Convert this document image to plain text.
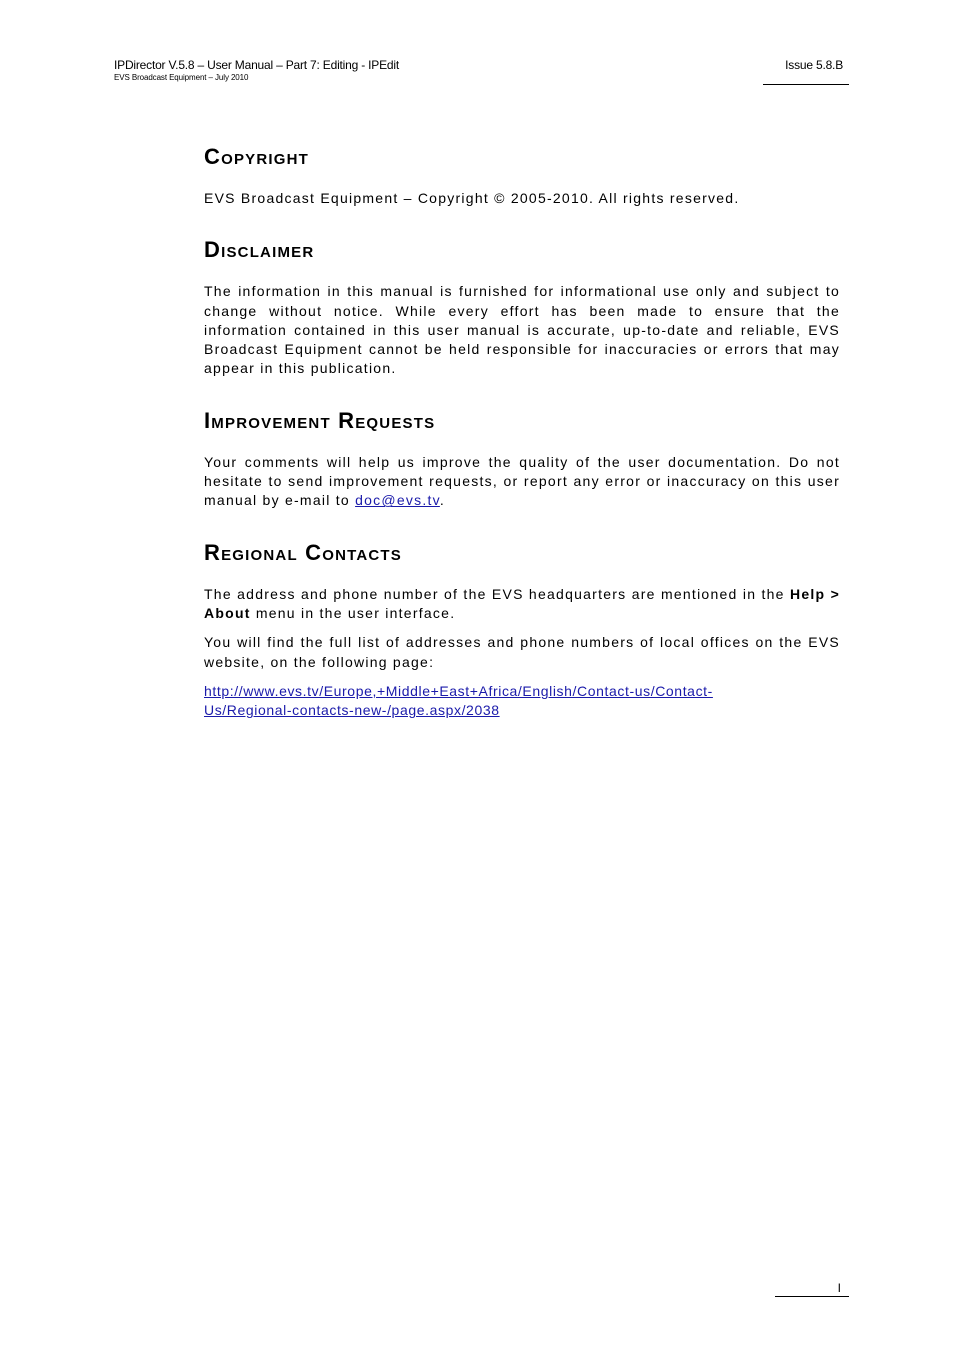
IPDirector V.5.8 – User Manual – Part 7: Editing - IPEdit
EVS Broadcast Equipment – July 2010
Issue 5.8.B
Copyright

EVS Broadcast Equipment – Copyright © 2005-2010. All rights reserved.

Disclaimer

The information in this manual is furnished for informational use only and subject to change without notice. While every effort has been made to ensure that the information contained in this user manual is accurate, up-to-date and reliable, EVS Broadcast Equipment cannot be held responsible for inaccuracies or errors that may appear in this publication.

Improvement Requests

Your comments will help us improve the quality of the user documentation. Do not hesitate to send improvement requests, or report any error or inaccuracy on this user manual by e-mail to doc@evs.tv.

Regional Contacts

The address and phone number of the EVS headquarters are mentioned in the Help > About menu in the user interface.

You will find the full list of addresses and phone numbers of local offices on the EVS website, on the following page:

http://www.evs.tv/Europe,+Middle+East+Africa/English/Contact-us/Contact-
Us/Regional-contacts-new-/page.aspx/2038

I
